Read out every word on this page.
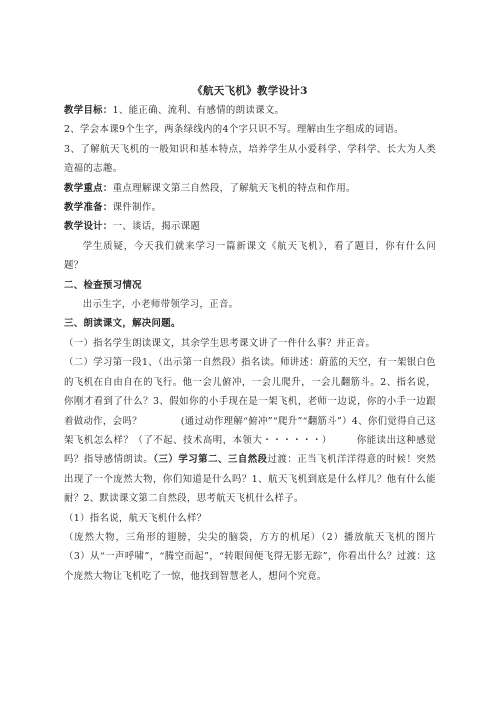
《航天飞机》教学设计3

教学目标：1、能正确、流利、有感情的朗读课文。

2、学会本课9个生字，两条绿线内的4个字只识不写。理解由生字组成的词语。

3、了解航天飞机的一般知识和基本特点，培养学生从小爱科学、学科学、长大为人类造福的志趣。

教学重点：重点理解课文第三自然段，了解航天飞机的特点和作用。

教学准备：课件制作。

教学设计：一、谈话，揭示课题

学生质疑，今天我们就来学习一篇新课文《航天飞机》，看了题目，你有什么问题？

二、检查预习情况

出示生字，小老师带领学习，正音。

三、朗读课文，解决问题。

（一）指名学生朗读课文，其余学生思考课文讲了一件什么事？并正音。

（二）学习第一段1、（出示第一自然段）指名读。师讲述：蔚蓝的天空，有一架银白色的飞机在自由自在的飞行。他一会儿俯冲，一会儿爬升，一会儿翻筋斗。2、指名说，你刚才看到了什么？3、假如你的小手现在是一架飞机，老师一边说，你的小手一边跟着做动作，会吗？　　　　(通过动作理解“俯冲”“爬升”“翻筋斗”）4、你们觉得自己这架飞机怎么样？（了不起、技术高明，本领大・・・・・・）　　　你能读出这种感觉吗？指导感情朗读。（三）学习第二、三自然段过渡：正当飞机洋洋得意的时候！突然出现了一个庞然大物，你们知道是什么吗？1、航天飞机到底是什么样儿？他有什么能耐？2、默读课文第二自然段，思考航天飞机什么样子。

（1）指名说，航天飞机什么样？

（庞然大物，三角形的翅膀，尖尖的脑袋，方方的机尾）（2）播放航天飞机的图片（3）从“一声呼啸”，“腾空而起”，“转眼间便飞得无影无踪”，你看出什么？过渡：这个庞然大物让飞机吃了一惊，他找到智慧老人，想问个究竟。
